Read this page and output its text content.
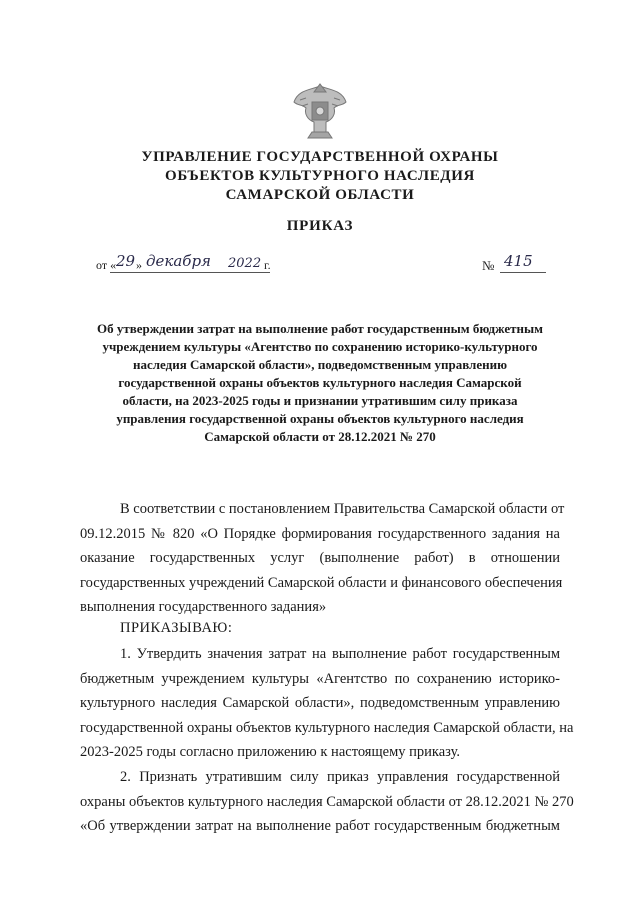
УПРАВЛЕНИЕ ГОСУДАРСТВЕННОЙ ОХРАНЫ
ОБЪЕКТОВ КУЛЬТУРНОГО НАСЛЕДИЯ
САМАРСКОЙ ОБЛАСТИ
ПРИКАЗ
от « 29 » декабря 2022 г.	№ 415
Об утверждении затрат на выполнение работ государственным бюджетным
учреждением культуры «Агентство по сохранению историко-культурного
наследия Самарской области», подведомственным управлению
государственной охраны объектов культурного наследия Самарской
области, на 2023-2025 годы и признании утратившим силу приказа
управления государственной охраны объектов культурного наследия
Самарской области от 28.12.2021 № 270
В соответствии с постановлением Правительства Самарской области от
09.12.2015 № 820 «О Порядке формирования государственного задания на
оказание государственных услуг (выполнение работ) в отношении
государственных учреждений Самарской области и финансового обеспечения
выполнения государственного задания»
ПРИКАЗЫВАЮ:
1. Утвердить значения затрат на выполнение работ государственным
бюджетным учреждением культуры «Агентство по сохранению историко-
культурного наследия Самарской области», подведомственным управлению
государственной охраны объектов культурного наследия Самарской области, на
2023-2025 годы согласно приложению к настоящему приказу.
2. Признать утратившим силу приказ управления государственной
охраны объектов культурного наследия Самарской области от 28.12.2021 № 270
«Об утверждении затрат на выполнение работ государственным бюджетным
